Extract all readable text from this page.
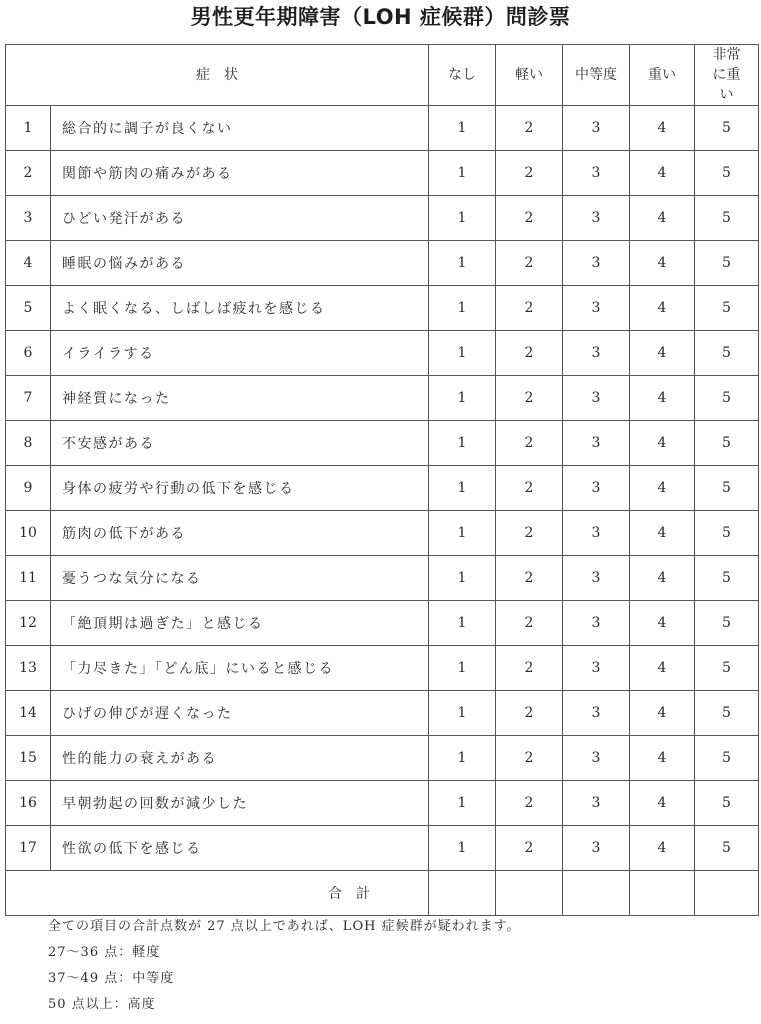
男性更年期障害（LOH 症候群）問診票
症　状		なし	軽い	中等度	重い	非常に重い
1	総合的に調子が良くない	1	2	3	4	5
2	関節や筋肉の痛みがある	1	2	3	4	5
3	ひどい発汗がある	1	2	3	4	5
4	睡眠の悩みがある	1	2	3	4	5
5	よく眠くなる、しばしば疲れを感じる	1	2	3	4	5
6	イライラする	1	2	3	4	5
7	神経質になった	1	2	3	4	5
8	不安感がある	1	2	3	4	5
9	身体の疲労や行動の低下を感じる	1	2	3	4	5
10	筋肉の低下がある	1	2	3	4	5
11	憂うつな気分になる	1	2	3	4	5
12	「絶頂期は過ぎた」と感じる	1	2	3	4	5
13	「力尽きた」「どん底」にいると感じる	1	2	3	4	5
14	ひげの伸びが遅くなった	1	2	3	4	5
15	性的能力の衰えがある	1	2	3	4	5
16	早朝勃起の回数が減少した	1	2	3	4	5
17	性欲の低下を感じる	1	2	3	4	5
合計						
全ての項目の合計点数が 27 点以上であれば、LOH 症候群が疑われます。
27～36 点：軽度
37～49 点：中等度
50 点以上：高度
